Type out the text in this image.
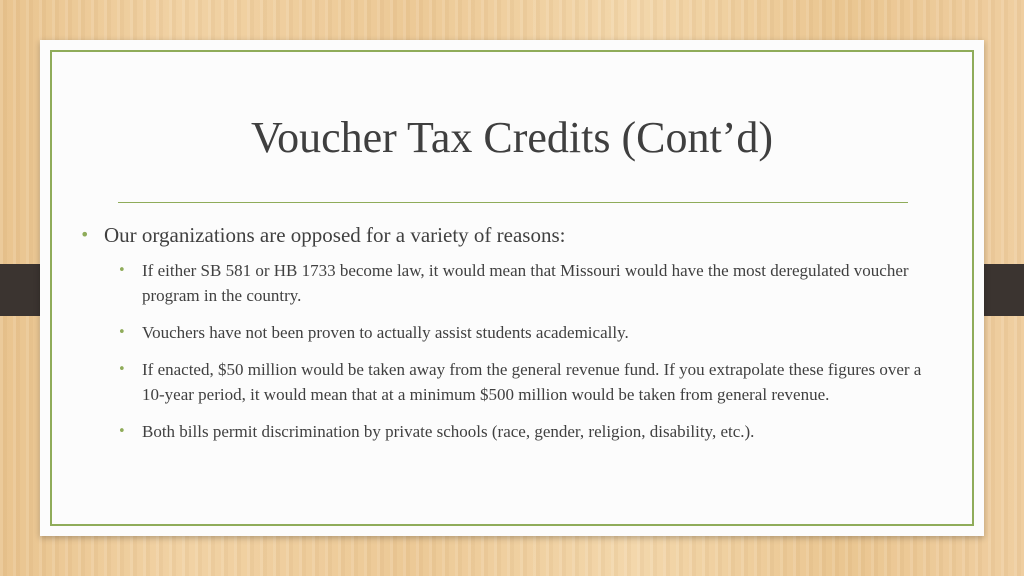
Voucher Tax Credits (Cont’d)

• Our organizations are opposed for a variety of reasons:

• If either SB 581 or HB 1733 become law, it would mean that Missouri would have the most deregulated voucher program in the country.
• Vouchers have not been proven to actually assist students academically.
• If enacted, $50 million would be taken away from the general revenue fund. If you extrapolate these figures over a 10-year period, it would mean that at a minimum $500 million would be taken from general revenue.
• Both bills permit discrimination by private schools (race, gender, religion, disability, etc.).
